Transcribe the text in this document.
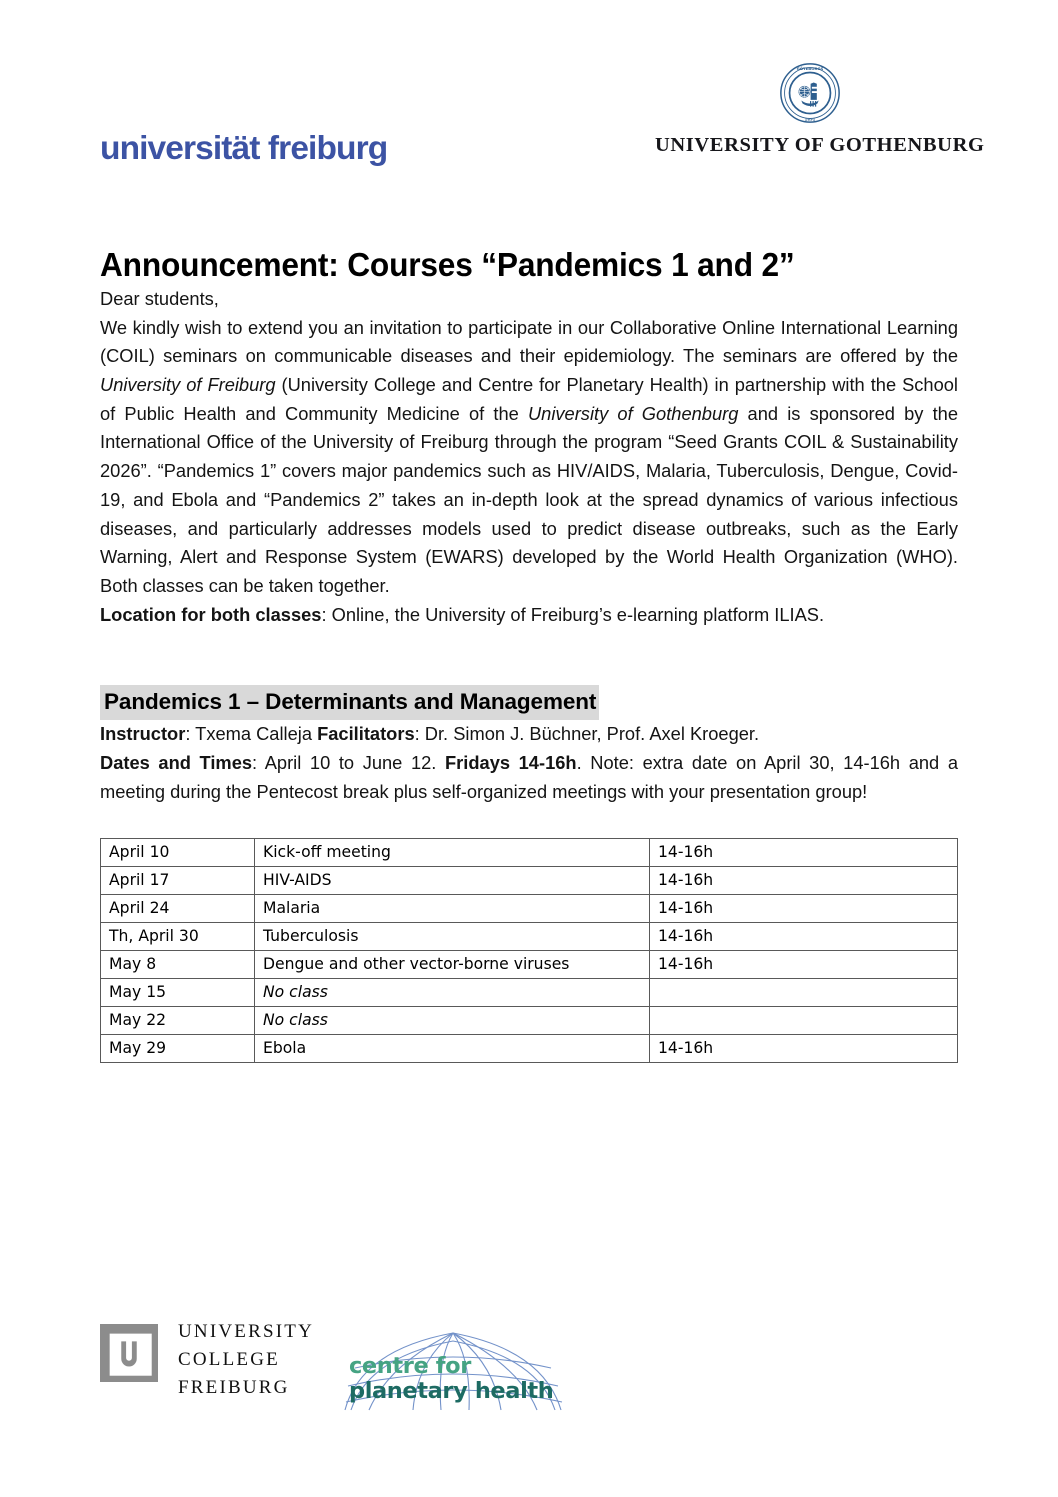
universität freiburg
GÖTEBORGS
1891
UNIVERSITY OF GOTHENBURG
Announcement: Courses “Pandemics 1 and 2”

Dear students,

We kindly wish to extend you an invitation to participate in our Collaborative Online International Learning (COIL) seminars on communicable diseases and their epidemiology. The seminars are offered by the University of Freiburg (University College and Centre for Planetary Health) in partnership with the School of Public Health and Community Medicine of the University of Gothenburg and is sponsored by the International Office of the University of Freiburg through the program “Seed Grants COIL & Sustainability 2026”. “Pandemics 1” covers major pandemics such as HIV/AIDS, Malaria, Tuberculosis, Dengue, Covid-19, and Ebola and “Pandemics 2” takes an in-depth look at the spread dynamics of various infectious diseases, and particularly addresses models used to predict disease outbreaks, such as the Early Warning, Alert and Response System (EWARS) developed by the World Health Organization (WHO). Both classes can be taken together.

Location for both classes: Online, the University of Freiburg’s e-learning platform ILIAS.

Pandemics 1 – Determinants and Management

Instructor: Txema Calleja Facilitators: Dr. Simon J. Büchner, Prof. Axel Kroeger.

Dates and Times: April 10 to June 12. Fridays 14-16h. Note: extra date on April 30, 14-16h and a meeting during the Pentecost break plus self-organized meetings with your presentation group!

April 10	Kick-off meeting	14-16h
April 17	HIV-AIDS	14-16h
April 24	Malaria	14-16h
Th, April 30	Tuberculosis	14-16h
May 8	Dengue and other vector-borne viruses	14-16h
May 15	No class	
May 22	No class	
May 29	Ebola	14-16h
UNIVERSITY
COLLEGE
FREIBURG
centre for
planetary health
